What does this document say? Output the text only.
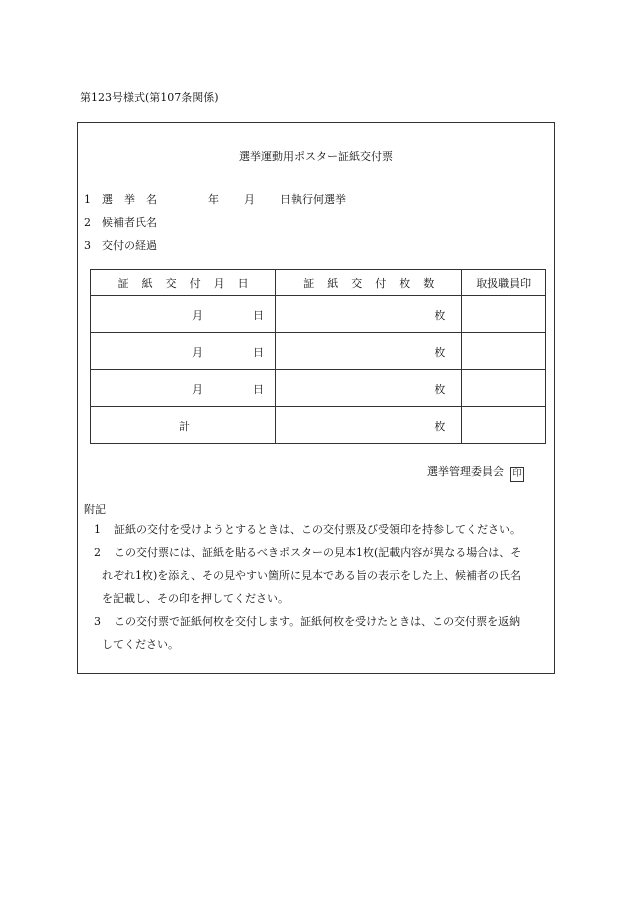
第123号様式(第107条関係)
選挙運動用ポスター証紙交付票
1 選　挙　名	年 月 日執行何選挙
2 候補者氏名
3 交付の経過
証紙交付月日	証紙交付枚数	取扱職員印

月 日	枚	

月 日	枚	

月 日	枚	

計	枚	

選挙管理委員会 印
附記
1 証紙の交付を受けようとするときは、この交付票及び受領印を持参してください。
2 この交付票には、証紙を貼るべきポスターの見本1枚(記載内容が異なる場合は、そ
れぞれ1枚)を添え、その見やすい箇所に見本である旨の表示をした上、候補者の氏名
を記載し、その印を押してください。
3 この交付票で証紙何枚を交付します。証紙何枚を受けたときは、この交付票を返納
してください。
